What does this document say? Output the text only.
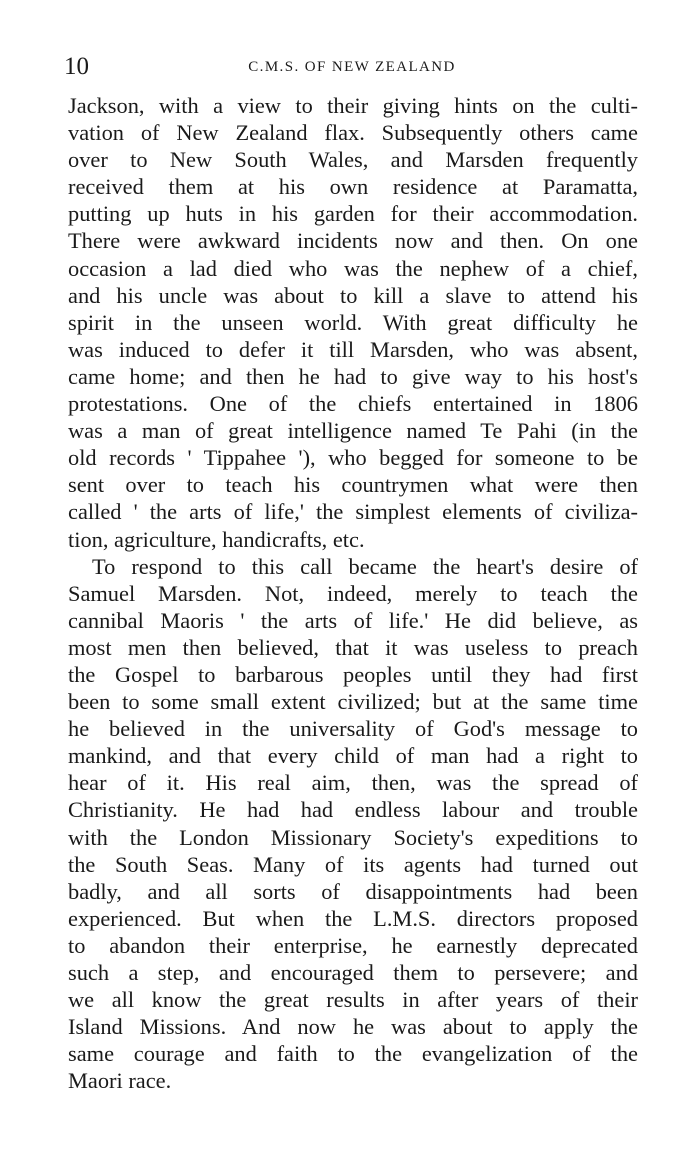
10	C.M.S. OF NEW ZEALAND

Jackson, with a view to their giving hints on the culti-
vation of New Zealand flax. Subsequently others came
over to New South Wales, and Marsden frequently
received them at his own residence at Paramatta,
putting up huts in his garden for their accommodation.
There were awkward incidents now and then. On one
occasion a lad died who was the nephew of a chief,
and his uncle was about to kill a slave to attend his
spirit in the unseen world. With great difficulty he
was induced to defer it till Marsden, who was absent,
came home; and then he had to give way to his host's
protestations. One of the chiefs entertained in 1806
was a man of great intelligence named Te Pahi (in the
old records ' Tippahee '), who begged for someone to be
sent over to teach his countrymen what were then
called ' the arts of life,' the simplest elements of civiliza-
tion, agriculture, handicrafts, etc.

To respond to this call became the heart's desire of
Samuel Marsden. Not, indeed, merely to teach the
cannibal Maoris ' the arts of life.' He did believe, as
most men then believed, that it was useless to preach
the Gospel to barbarous peoples until they had first
been to some small extent civilized; but at the same time
he believed in the universality of God's message to
mankind, and that every child of man had a right to
hear of it. His real aim, then, was the spread of
Christianity. He had had endless labour and trouble
with the London Missionary Society's expeditions to
the South Seas. Many of its agents had turned out
badly, and all sorts of disappointments had been
experienced. But when the L.M.S. directors proposed
to abandon their enterprise, he earnestly deprecated
such a step, and encouraged them to persevere; and
we all know the great results in after years of their
Island Missions. And now he was about to apply the
same courage and faith to the evangelization of the
Maori race.
